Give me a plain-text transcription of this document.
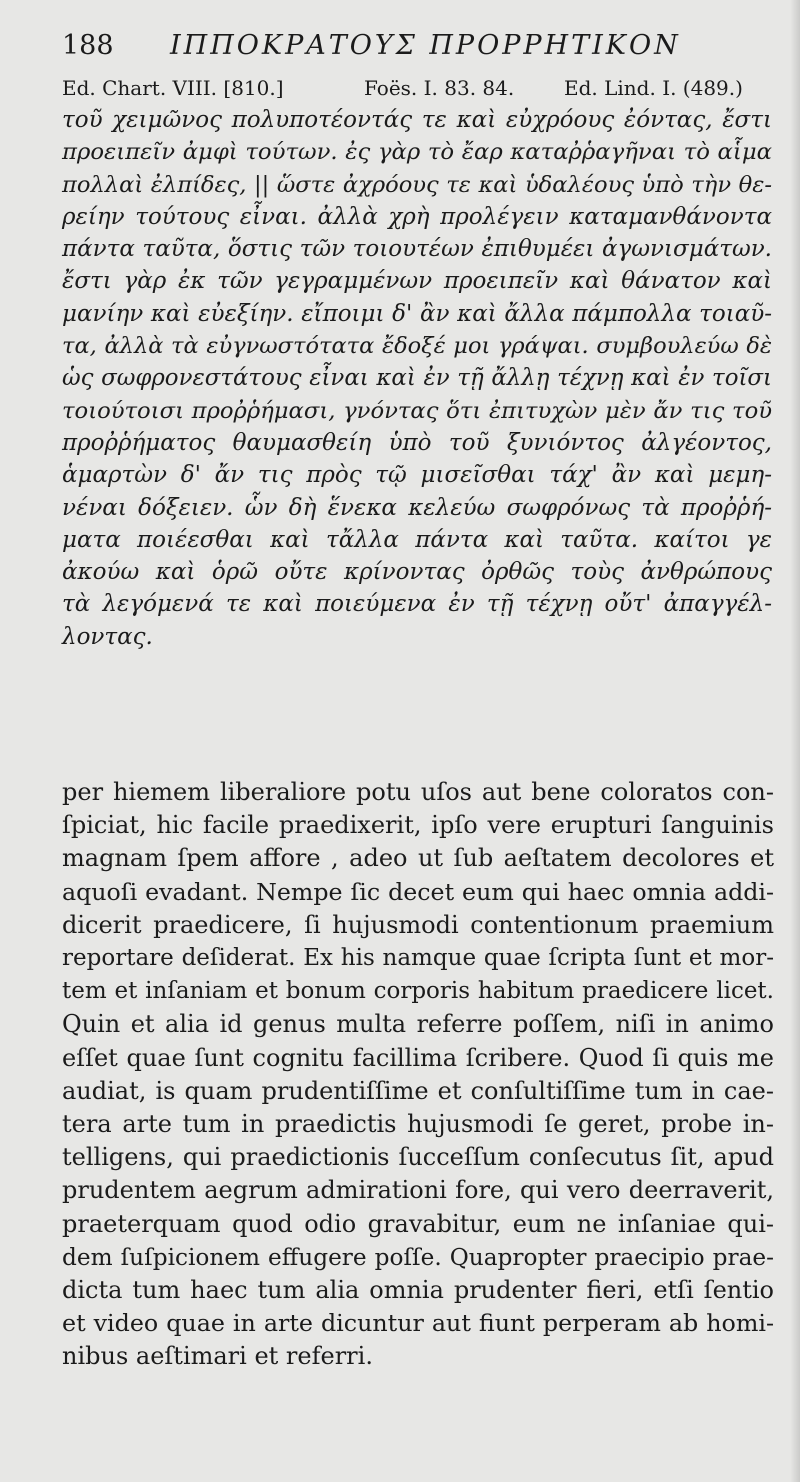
188 ΙΠΠΟΚΡΑΤΟΥΣ ΠΡΟΡΡΗΤΙΚΟΝ
Ed. Chart. VIII. [810.]	Foës. I. 83. 84. Ed. Lind. I. (489.)
τοῦ χειμῶνος πολυποτέοντάς τε καὶ εὐχρόους ἐόντας, ἔστι
προειπεῖν ἀμφὶ τούτων. ἐς γὰρ τὸ ἔαρ καταῤῥαγῆναι τὸ αἷμα
πολλαὶ ἐλπίδες, || ὥστε ἀχρόους τε καὶ ὑδαλέους ὑπὸ τὴν θε-
ρείην τούτους εἶναι. ἀλλὰ χρὴ προλέγειν καταμανθάνοντα
πάντα ταῦτα, ὅστις τῶν τοιουτέων ἐπιθυμέει ἀγωνισμάτων.
ἔστι γὰρ ἐκ τῶν γεγραμμένων προειπεῖν καὶ θάνατον καὶ
μανίην καὶ εὐεξίην. εἴποιμι δ' ἂν καὶ ἄλλα πάμπολλα τοιαῦ-
τα, ἀλλὰ τὰ εὐγνωστότατα ἔδοξέ μοι γράψαι. συμβουλεύω δὲ
ὡς σωφρονεστάτους εἶναι καὶ ἐν τῇ ἄλλῃ τέχνῃ καὶ ἐν τοῖσι
τοιούτοισι προῤῥήμασι, γνόντας ὅτι ἐπιτυχὼν μὲν ἄν τις τοῦ
προῤῥήματος θαυμασθείη ὑπὸ τοῦ ξυνιόντος ἀλγέοντος,
ἁμαρτὼν δ' ἄν τις πρὸς τῷ μισεῖσθαι τάχ' ἂν καὶ μεμη-
νέναι δόξειεν. ὧν δὴ ἕνεκα κελεύω σωφρόνως τὰ προῤῥή-
ματα ποιέεσθαι καὶ τἄλλα πάντα καὶ ταῦτα. καίτοι γε
ἀκούω καὶ ὁρῶ οὔτε κρίνοντας ὀρθῶς τοὺς ἀνθρώπους
τὰ λεγόμενά τε καὶ ποιεύμενα ἐν τῇ τέχνῃ οὔτ' ἀπαγγέλ-
λοντας.
per hiemem liberaliore potu uſos aut bene coloratos con-
ſpiciat, hic facile praedixerit, ipſo vere erupturi ſanguinis
magnam ſpem affore , adeo ut ſub aeſtatem decolores et
aquoſi evadant. Nempe ſic decet eum qui haec omnia addi-
dicerit praedicere, ſi hujusmodi contentionum praemium
reportare deſiderat. Ex his namque quae ſcripta ſunt et mor-
tem et inſaniam et bonum corporis habitum praedicere licet.
Quin et alia id genus multa referre poſſem, niſi in animo
eſſet quae ſunt cognitu facillima ſcribere. Quod ſi quis me
audiat, is quam prudentiſſime et conſultiſſime tum in cae-
tera arte tum in praedictis hujusmodi ſe geret, probe in-
telligens, qui praedictionis ſucceſſum conſecutus ſit, apud
prudentem aegrum admirationi fore, qui vero deerraverit,
praeterquam quod odio gravabitur, eum ne inſaniae qui-
dem ſuſpicionem effugere poſſe. Quapropter praecipio prae-
dicta tum haec tum alia omnia prudenter fieri, etſi ſentio
et video quae in arte dicuntur aut fiunt perperam ab homi-
nibus aeſtimari et referri.
